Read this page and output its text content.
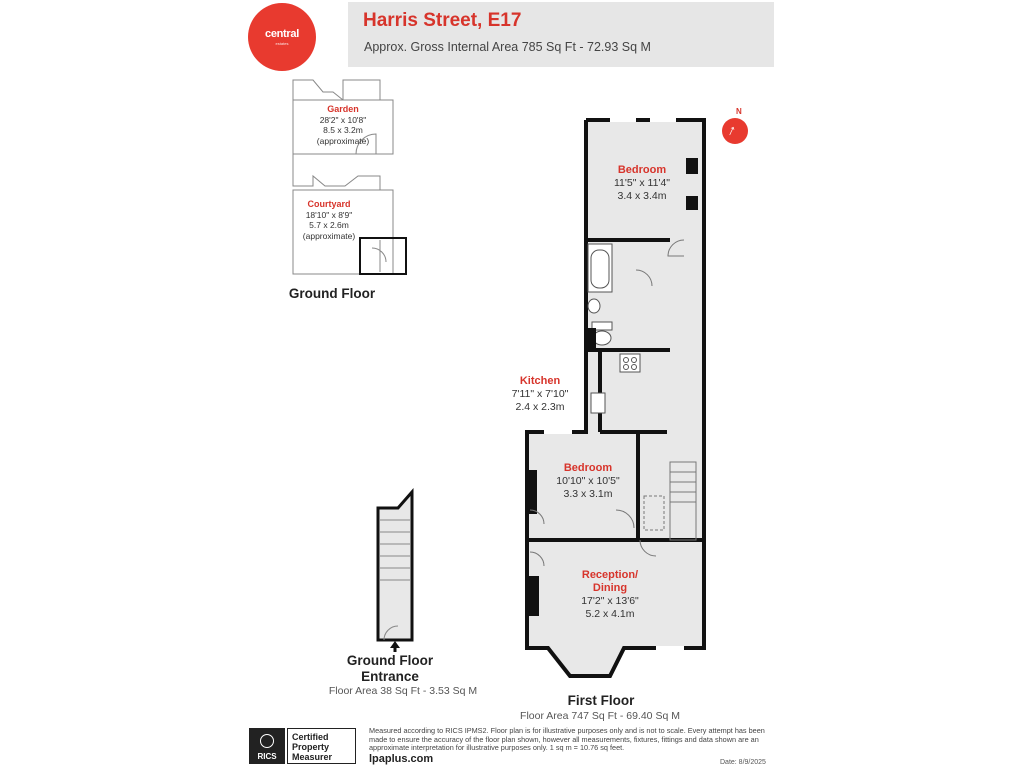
central
estates
Harris Street, E17
Approx. Gross Internal Area 785 Sq Ft - 72.93 Sq M
N
↑
Garden
28'2" x 10'8"
8.5 x 3.2m
(approximate)
Courtyard
18'10" x 8'9"
5.7 x 2.6m
(approximate)
Bedroom
11'5" x 11'4"
3.4 x 3.4m
Kitchen
7'11" x 7'10"
2.4 x 2.3m
Bedroom
10'10" x 10'5"
3.3 x 3.1m
Reception/
Dining
17'2" x 13'6"
5.2 x 4.1m
Ground Floor
Ground Floor
Entrance
Floor Area 38 Sq Ft - 3.53 Sq M
First Floor
Floor Area 747 Sq Ft - 69.40 Sq M
RICS
Certified
Property
Measurer
Measured according to RICS IPMS2. Floor plan is for illustrative purposes only and is not to scale. Every attempt has been made to ensure the accuracy of the floor plan shown, however all measurements, fixtures, fittings and data shown are an approximate interpretation for illustrative purposes only. 1 sq m = 10.76 sq feet.
lpaplus.com	Date: 8/9/2025
